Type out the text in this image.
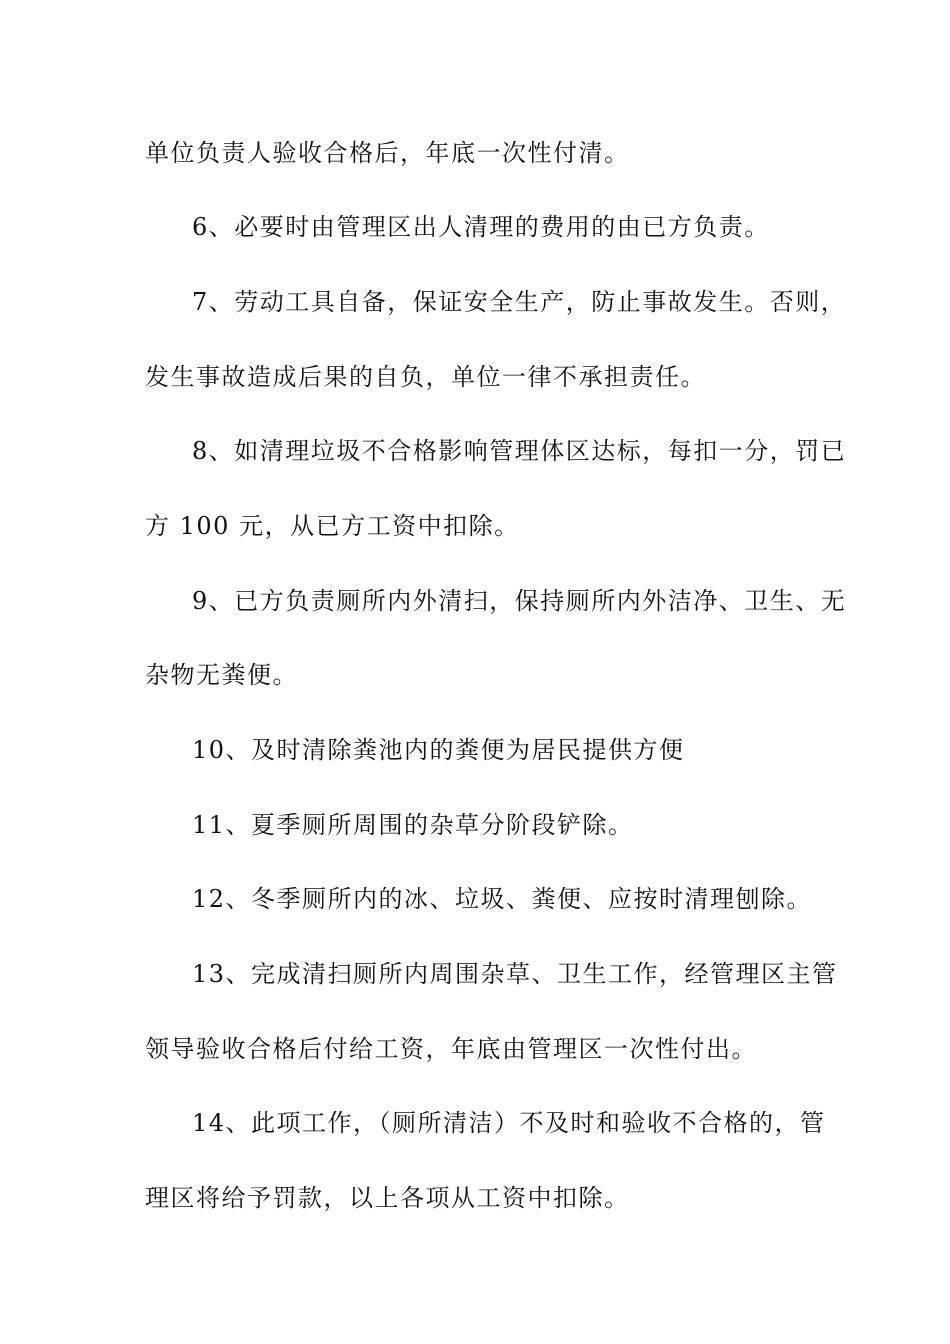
单位负责人验收合格后，年底一次性付清。
6、必要时由管理区出人清理的费用的由已方负责。
7、劳动工具自备，保证安全生产，防止事故发生。否则，
发生事故造成后果的自负，单位一律不承担责任。
8、如清理垃圾不合格影响管理体区达标，每扣一分，罚已
方 100 元，从已方工资中扣除。
9、已方负责厕所内外清扫，保持厕所内外洁净、卫生、无
杂物无粪便。
10、及时清除粪池内的粪便为居民提供方便
11、夏季厕所周围的杂草分阶段铲除。
12、冬季厕所内的冰、垃圾、粪便、应按时清理刨除。
13、完成清扫厕所内周围杂草、卫生工作，经管理区主管
领导验收合格后付给工资，年底由管理区一次性付出。
14、此项工作，（厕所清洁）不及时和验收不合格的，管
理区将给予罚款，以上各项从工资中扣除。
